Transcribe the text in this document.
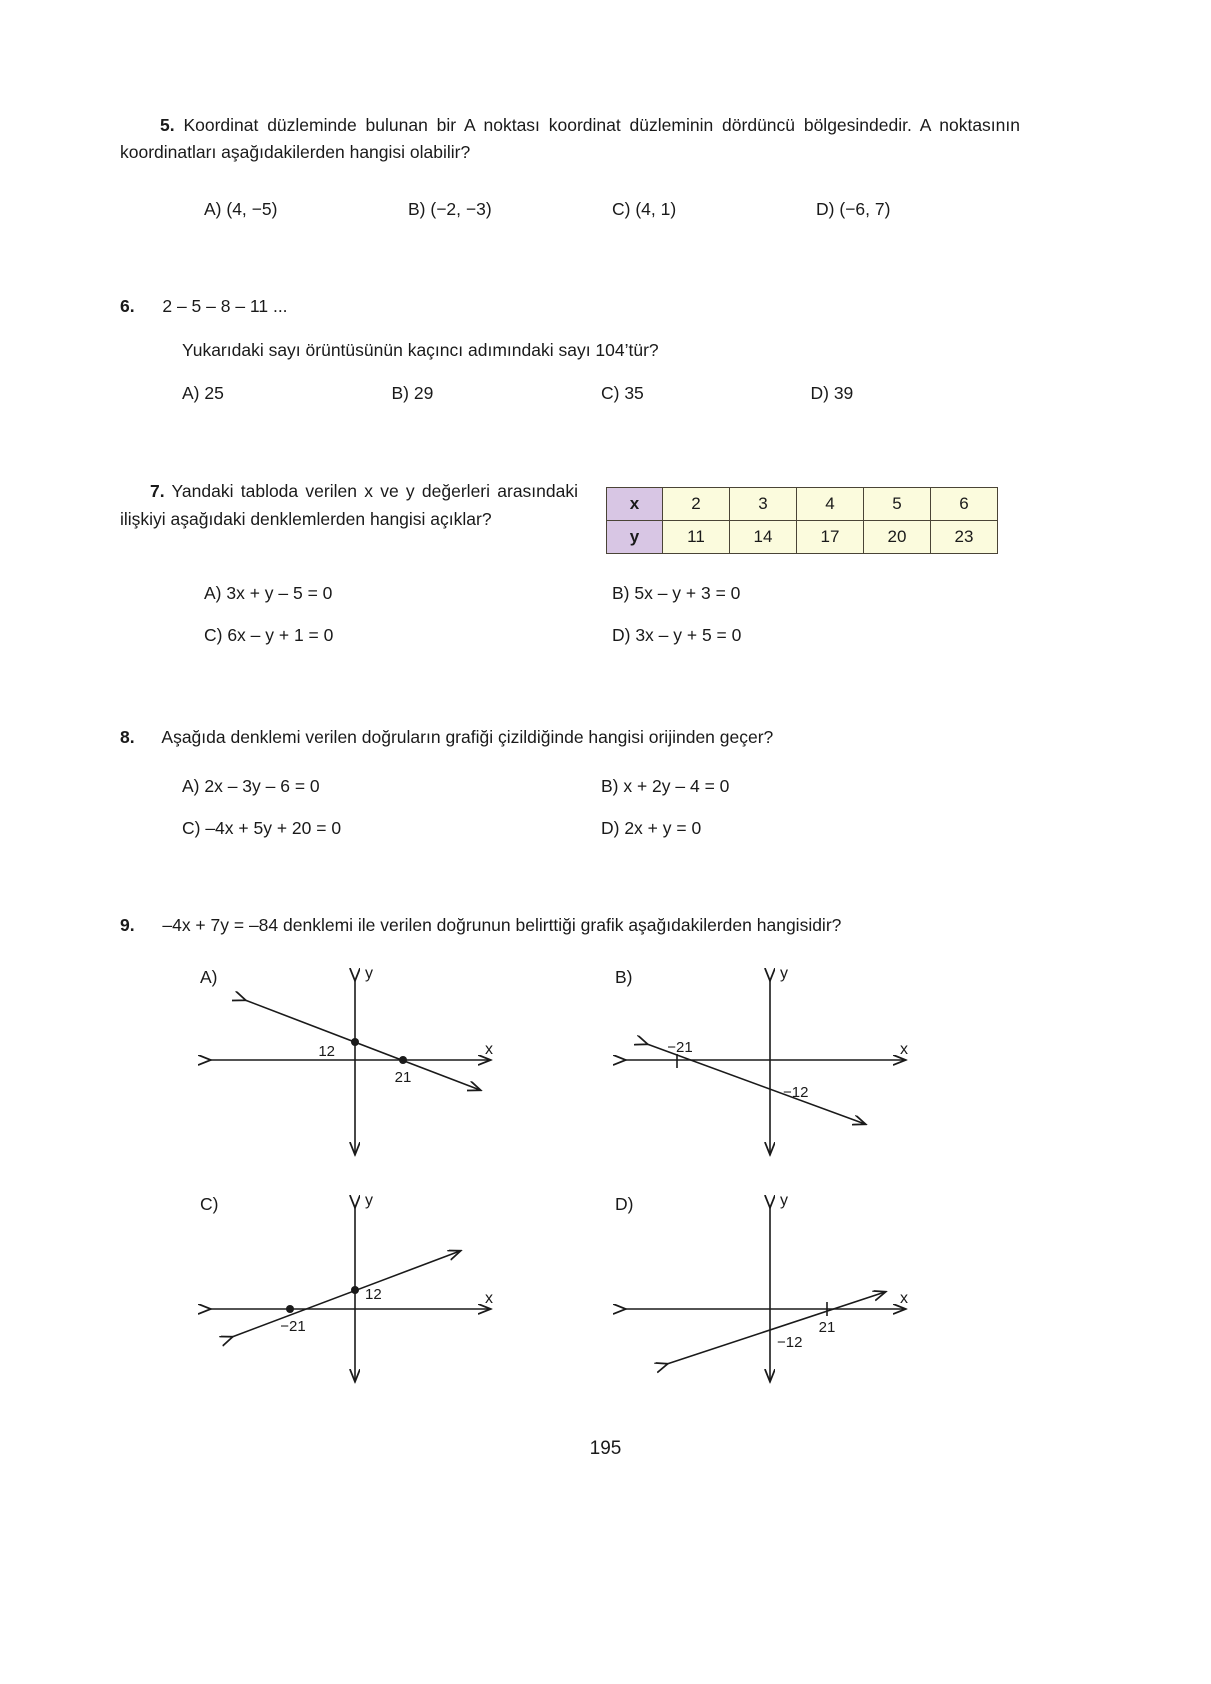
5. Koordinat düzleminde bulunan bir A noktası koordinat düzleminin dördüncü bölgesindedir. A noktasının koordinatları aşağıdakilerden hangisi olabilir?
A) (4, −5)	B) (−2, −3)	C) (4, 1)	D) (−6, 7)
6. 2 – 5 – 8 – 11 ...
Yukarıdaki sayı örüntüsünün kaçıncı adımındaki sayı 104’tür?
A) 25	B) 29	C) 35	D) 39
7. Yandaki tabloda verilen x ve y değerleri arasındaki ilişkiyi aşağıdaki denklemlerden hangisi açıklar?
x	2	3	4	5	6
y	11	14	17	20	23
A) 3x + y – 5 = 0	B) 5x – y + 3 = 0
C) 6x – y + 1 = 0	D) 3x – y + 5 = 0
8. Aşağıda denklemi verilen doğruların grafiği çizildiğinde hangisi orijinden geçer?
A) 2x – 3y – 6 = 0	B) x + 2y – 4 = 0
C) –4x + 5y + 20 = 0	D) 2x + y = 0
9. –4x + 7y = –84 denklemi ile verilen doğrunun belirttiği grafik aşağıdakilerden hangisidir?
A)
12
21
y
x
B)
−21
−12
y
x
C)
12
−21
y
x
D)
21
−12
y
x
195
